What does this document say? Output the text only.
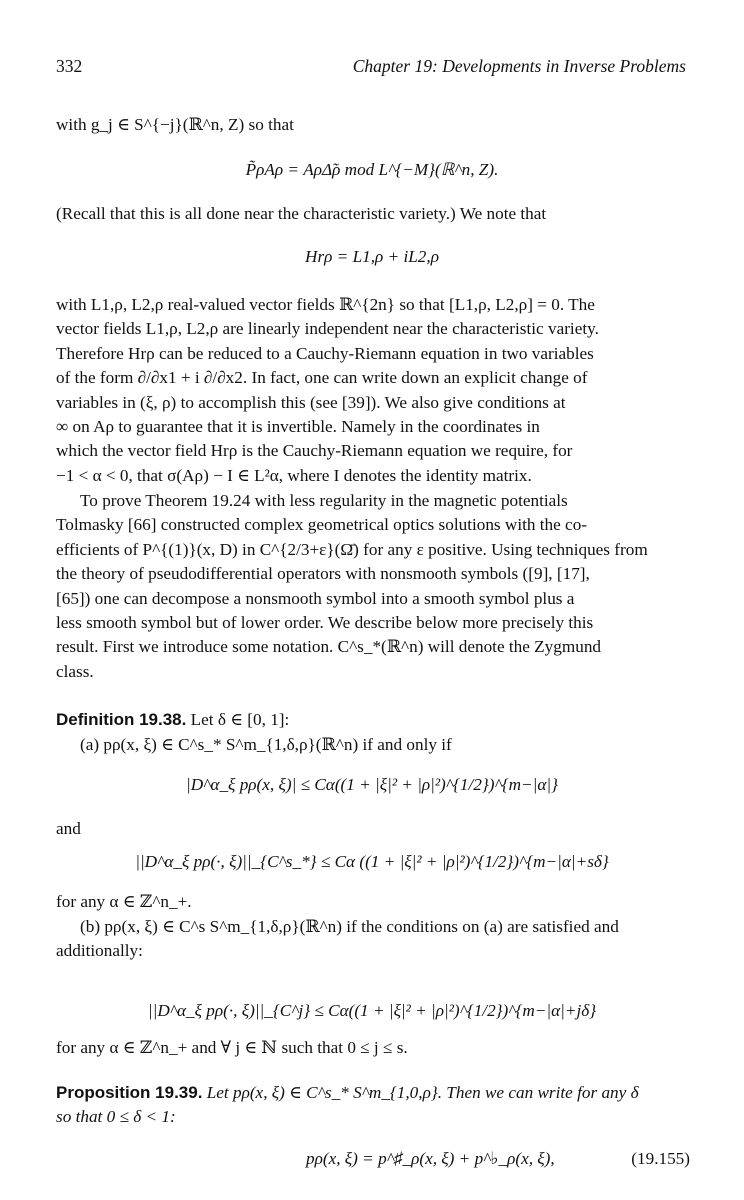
332	Chapter 19: Developments in Inverse Problems
with g_j ∈ S^{−j}(ℝ^n, Z) so that
P̃ρAρ = AρΔ̃ρ mod L^{−M}(ℝ^n, Z).
(Recall that this is all done near the characteristic variety.) We note that
Hrρ = L1,ρ + iL2,ρ
with L1,ρ, L2,ρ real-valued vector fields ℝ^{2n} so that [L1,ρ, L2,ρ] = 0. The
vector fields L1,ρ, L2,ρ are linearly independent near the characteristic variety.
Therefore Hrρ can be reduced to a Cauchy-Riemann equation in two variables
of the form ∂/∂x1 + i ∂/∂x2. In fact, one can write down an explicit change of
variables in (ξ, ρ) to accomplish this (see [39]). We also give conditions at
∞ on Aρ to guarantee that it is invertible. Namely in the coordinates in
which the vector field Hrρ is the Cauchy-Riemann equation we require, for
−1 < α < 0, that σ(Aρ) − I ∈ L²α, where I denotes the identity matrix.
To prove Theorem 19.24 with less regularity in the magnetic potentials
Tolmasky [66] constructed complex geometrical optics solutions with the co-
efficients of P^{(1)}(x, D) in C^{2/3+ε}(Ω̄) for any ε positive. Using techniques from
the theory of pseudodifferential operators with nonsmooth symbols ([9], [17],
[65]) one can decompose a nonsmooth symbol into a smooth symbol plus a
less smooth symbol but of lower order. We describe below more precisely this
result. First we introduce some notation. C^s_*(ℝ^n) will denote the Zygmund
class.
Definition 19.38. Let δ ∈ [0, 1]:
(a) pρ(x, ξ) ∈ C^s_* S^m_{1,δ,ρ}(ℝ^n) if and only if
|D^α_ξ pρ(x, ξ)| ≤ Cα((1 + |ξ|² + |ρ|²)^{1/2})^{m−|α|}
and
||D^α_ξ pρ(·, ξ)||_{C^s_*} ≤ Cα ((1 + |ξ|² + |ρ|²)^{1/2})^{m−|α|+sδ}
for any α ∈ ℤ^n_+.
(b) pρ(x, ξ) ∈ C^s S^m_{1,δ,ρ}(ℝ^n) if the conditions on (a) are satisfied and
additionally:
||D^α_ξ pρ(·, ξ)||_{C^j} ≤ Cα((1 + |ξ|² + |ρ|²)^{1/2})^{m−|α|+jδ}
for any α ∈ ℤ^n_+ and ∀ j ∈ ℕ such that 0 ≤ j ≤ s.
Proposition 19.39. Let pρ(x, ξ) ∈ C^s_* S^m_{1,0,ρ}. Then we can write for any δ
so that 0 ≤ δ < 1:
pρ(x, ξ) = p^♯_ρ(x, ξ) + p^♭_ρ(x, ξ),	(19.155)
